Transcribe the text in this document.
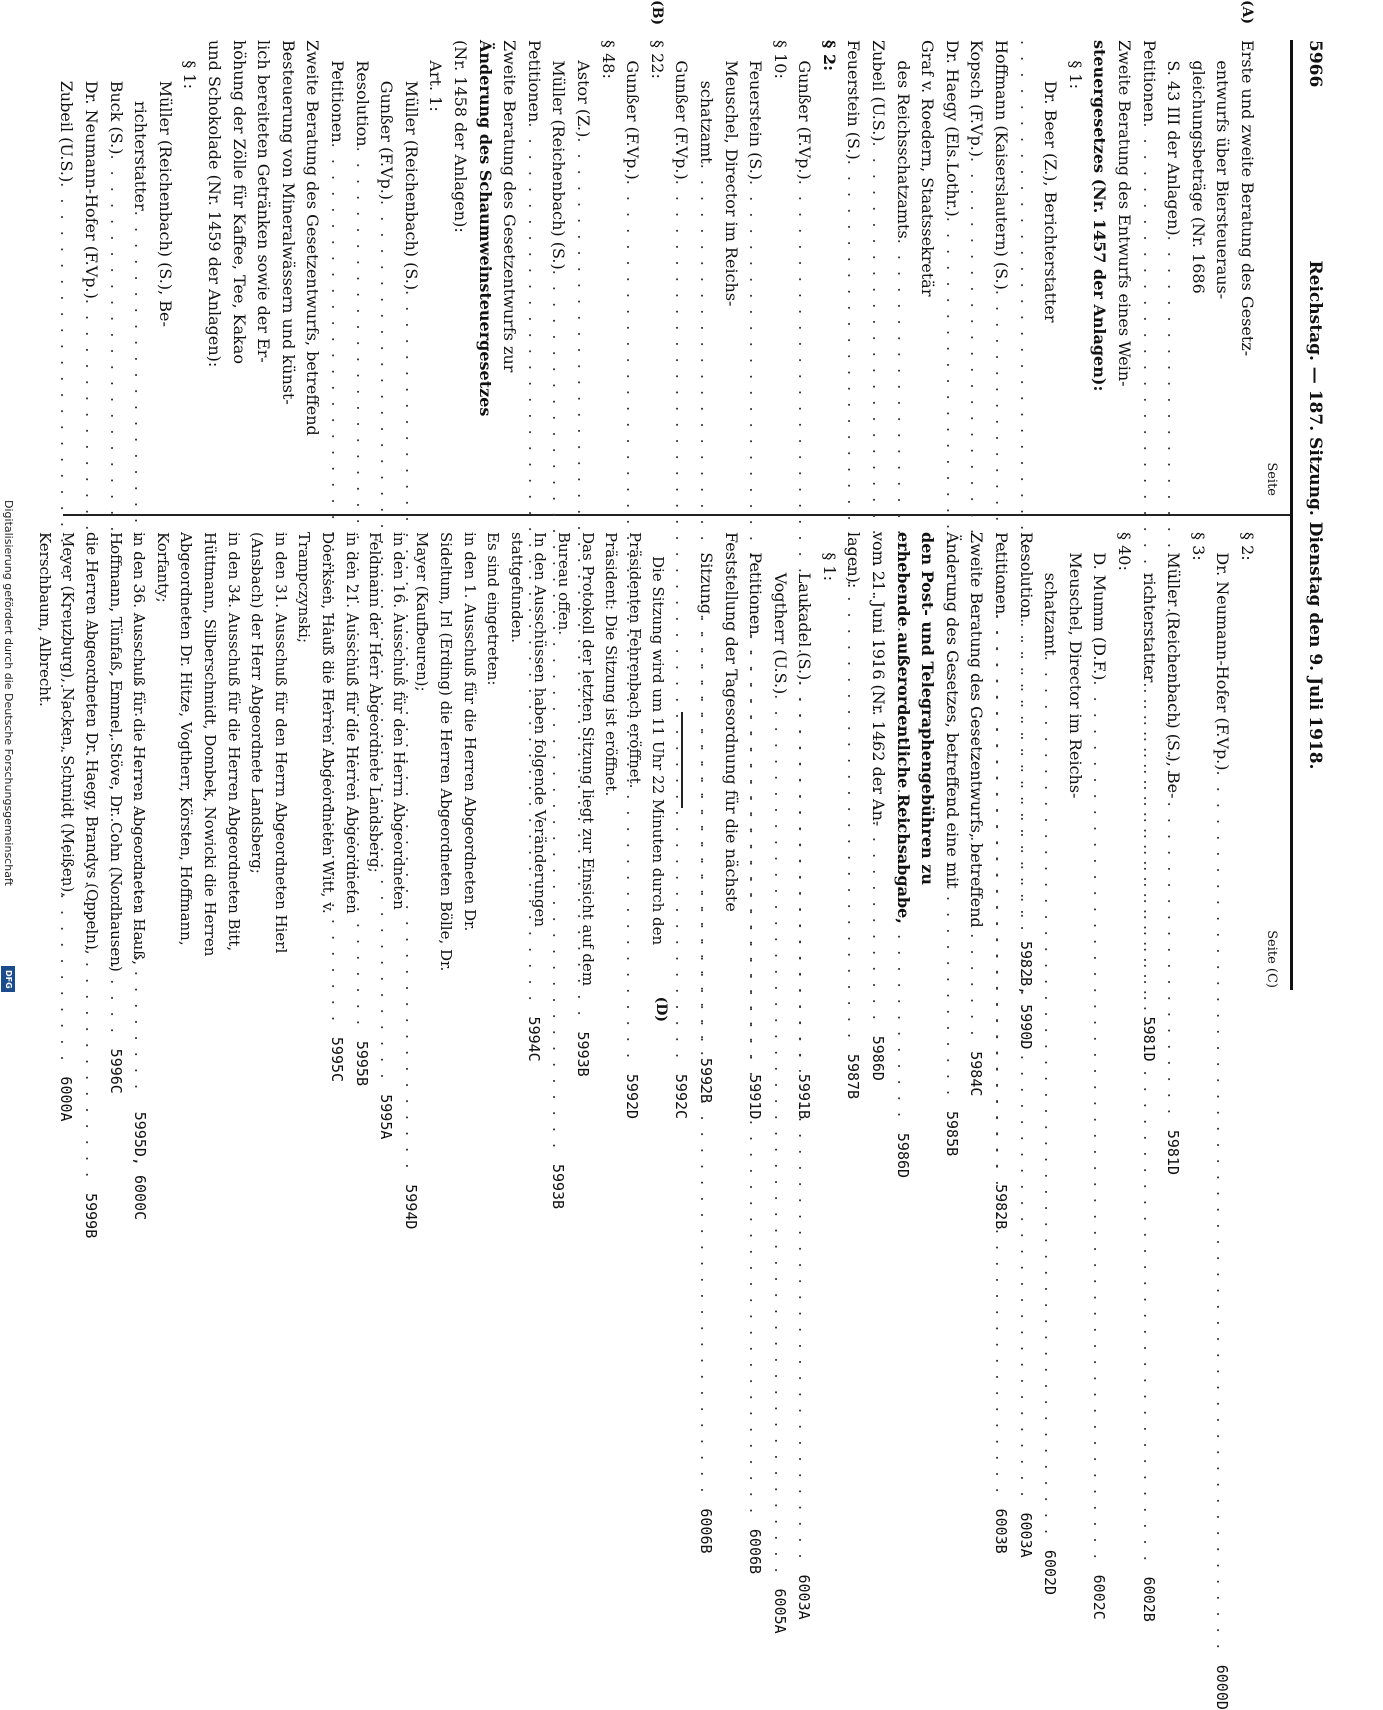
Digitalisierung gefördert durch die Deutsche Forschungsgemeinschaft
DFG
5966
Reichstag. — 187. Sitzung. Dienstag den 9. Juli 1918.
Seite
(A)
Erste und zweite Beratung des Gesetz-
entwurfs über Biersteueraus-
gleichungsbeträge (Nr. 1686
S. 43 III der Anlagen)
. . .
5981D
Petitionen
. . .
5981D
Zweite Beratung des Entwurfs eines Wein-
steuergesetzes (Nr. 1457 der Anlagen):
§ 1:
Dr. Beer (Z.), Berichterstatter
. . .
5982B, 5990D
Hoffmann (Kaiserslautern) (S.)
. . .
5982B
Kopsch (F.Vp.)
. . .
5984C
Dr. Haegy (Els.Lothr.)
. . .
5985B
Graf v. Roedern, Staatssekretär
des Reichsschatzamts
. . .
5986D
Zubeil (U.S.)
. . .
5986D
Feuerstein (S.)
. . .
5987B
§ 2:
Gunßer (F.Vp.)
. . .
5991B
§ 10:
Feuerstein (S.)
. . .
5991D
Meuschel, Director im Reichs-
schatzamt
. . .
5992B
Gunßer (F.Vp.)
. . .
5992C
(B)
§ 22:
Gunßer (F.Vp.)
. . .
5992D
§ 48:
Astor (Z.)
. . .
5993B
Müller (Reichenbach) (S.)
. . .
5993B
Petitionen
. . .
5994C
Zweite Beratung des Gesetzentwurfs zur
Änderung des Schaumweinsteuergesetzes
(Nr. 1458 der Anlagen):
Art. 1:
Müller (Reichenbach) (S.)
. . .
5994D
Gunßer (F.Vp.)
. . .
5995A
Resolution
. . .
5995B
Petitionen
. . .
5995C
Zweite Beratung des Gesetzentwurfs, betreffend
Besteuerung von Mineralwässern und künst-
lich bereiteten Getränken sowie der Er-
höhung der Zölle für Kaffee, Tee, Kakao
und Schokolade (Nr. 1459 der Anlagen):
§ 1:
Müller (Reichenbach) (S.), Be-
richterstatter
. . .
5995D, 6000C
Buck (S.)
. . .
5996C
Dr. Neumann-Hofer (F.Vp.)
. . .
5999B
Zubeil (U.S.)
. . .
6000A
Seite (C)
§ 2:
Dr. Neumann-Hofer (F.Vp.)
. . .
6000D
§ 3:
Müller (Reichenbach) (S.), Be-
richterstatter
. . .
6002B
§ 40:
D. Mumm (D.F.)
. . .
6002C
Meuschel, Director im Reichs-
schatzamt
. . .
6002D
Resolution
. . .
6003A
Petitionen
. . .
6003B
Zweite Beratung des Gesetzentwurfs, betreffend
Änderung des Gesetzes, betreffend eine mit
den Post- und Telegraphengebühren zu
erhebende außerordentliche Reichsabgabe,
vom 21. Juni 1916 (Nr. 1462 der An-
lagen):
§ 1:
Laukadel (S.)
. . .
6003A
Vogtherr (U.S.)
. . .
6005A
Petitionen
. . .
6006B
Feststellung der Tagesordnung für die nächste
Sitzung
. . .
6006B
Die Sitzung wird um 11 Uhr 22 Minuten durch den Präsidenten Fehrenbach eröffnet.
Präsident: Die Sitzung ist eröffnet.
Das Protokoll der letzten Sitzung liegt zur Einsicht auf dem Bureau offen.
In den Ausschüssen haben folgende Veränderungen stattgefunden.
Es sind eingetreten:
in den 1. Ausschuß für die Herren Abgeordneten Dr. Sideltum, Irl (Erding) die Herren Abgeordneten Bölle, Dr. Mayer (Kaufbeuren);
in den 16. Ausschuß für den Herrn Abgeordneten Feldmann der Herr Abgeordnete Landsberg;
in den 21. Ausschuß für die Herren Abgeordneten Doerksen, Hauß die Herren Abgeordneten Witt, v. Trampczynski;
in den 31. Ausschuß für den Herrn Abgeordneten Hierl (Ansbach) der Herr Abgeordnete Landsberg;
in den 34. Ausschuß für die Herren Abgeordneten Bitt, Hüttmann, Silberschmidt, Dombek, Nowicki die Herren Abgeordneten Dr. Hitze, Vogtherr, Körsten, Hoffmann, Korfanty;
in den 36. Ausschuß für die Herren Abgeordneten Hauß, Hoffmann, Tünfaß, Emmel, Stöve, Dr. Cohn (Nordhausen) die Herren Abgeordneten Dr. Haegy, Brandys (Oppeln), Meyer (Kreuzburg), Nacken, Schmidt (Meißen), Kerschbaum, Albrecht.
(D)
